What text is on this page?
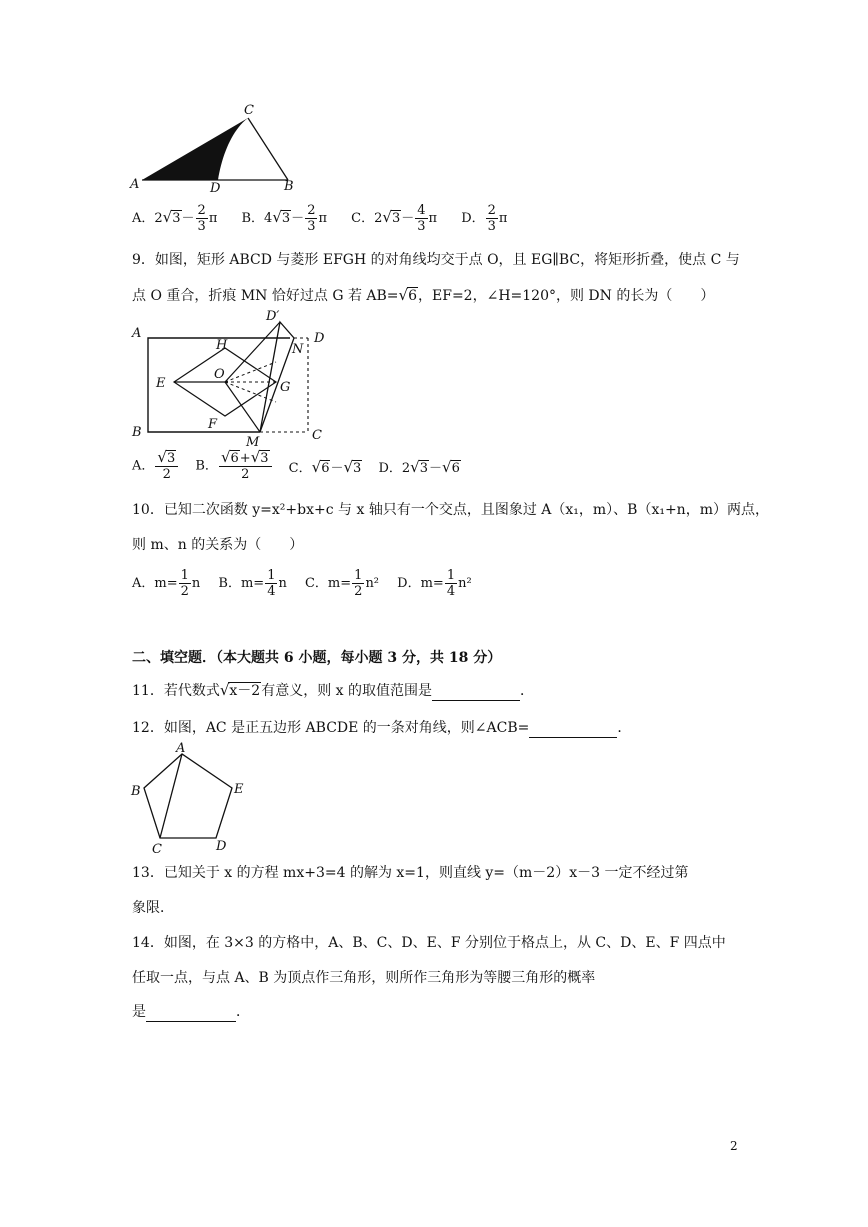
C
A	D	B
A．$2√3- \frac{2}{3}$ π B．$4√3- \frac{2}{3}$ π C．$2√3- \frac{4}{3}$ π D． $\frac{2}{3}$ π
9．如图，矩形 ABCD 与菱形 EFGH 的对角线均交于点 O，且 EG∥BC，将矩形折叠，使点 C 与
点 O 重合，折痕 MN 恰好过点 G 若 AB=√6，EF=2，∠H=120°，则 DN 的长为（　　）
A
D′
D
N
H
O
E	G
F
B
M	C
A． $\frac{√3}{2}$ B． $\frac{√6+√3}{2}$ C．√6－√3 D．2√3－√6
10．已知二次函数 y=x²+bx+c 与 x 轴只有一个交点，且图象过 A（x₁，m）、B（x₁+n，m）两点，
则 m、n 的关系为（　　）
A．$m= \frac{1}{2}$ n B．$m= \frac{1}{4}$ n C．$m= \frac{1}{2} n^2$ D．$m= \frac{1}{4} n^2$
二、填空题．（本大题共 6 小题，每小题 3 分，共 18 分）
11．若代数式√x－2有意义，则 x 的取值范围是	．
12．如图，AC 是正五边形 ABCDE 的一条对角线，则∠ACB=	．
A
B	E
C	D
13．已知关于 x 的方程 mx+3=4 的解为 x=1，则直线 y=（m－2）x－3 一定不经过第
象限．
14．如图，在 3×3 的方格中，A、B、C、D、E、F 分别位于格点上，从 C、D、E、F 四点中
任取一点，与点 A、B 为顶点作三角形，则所作三角形为等腰三角形的概率
是	．
2
